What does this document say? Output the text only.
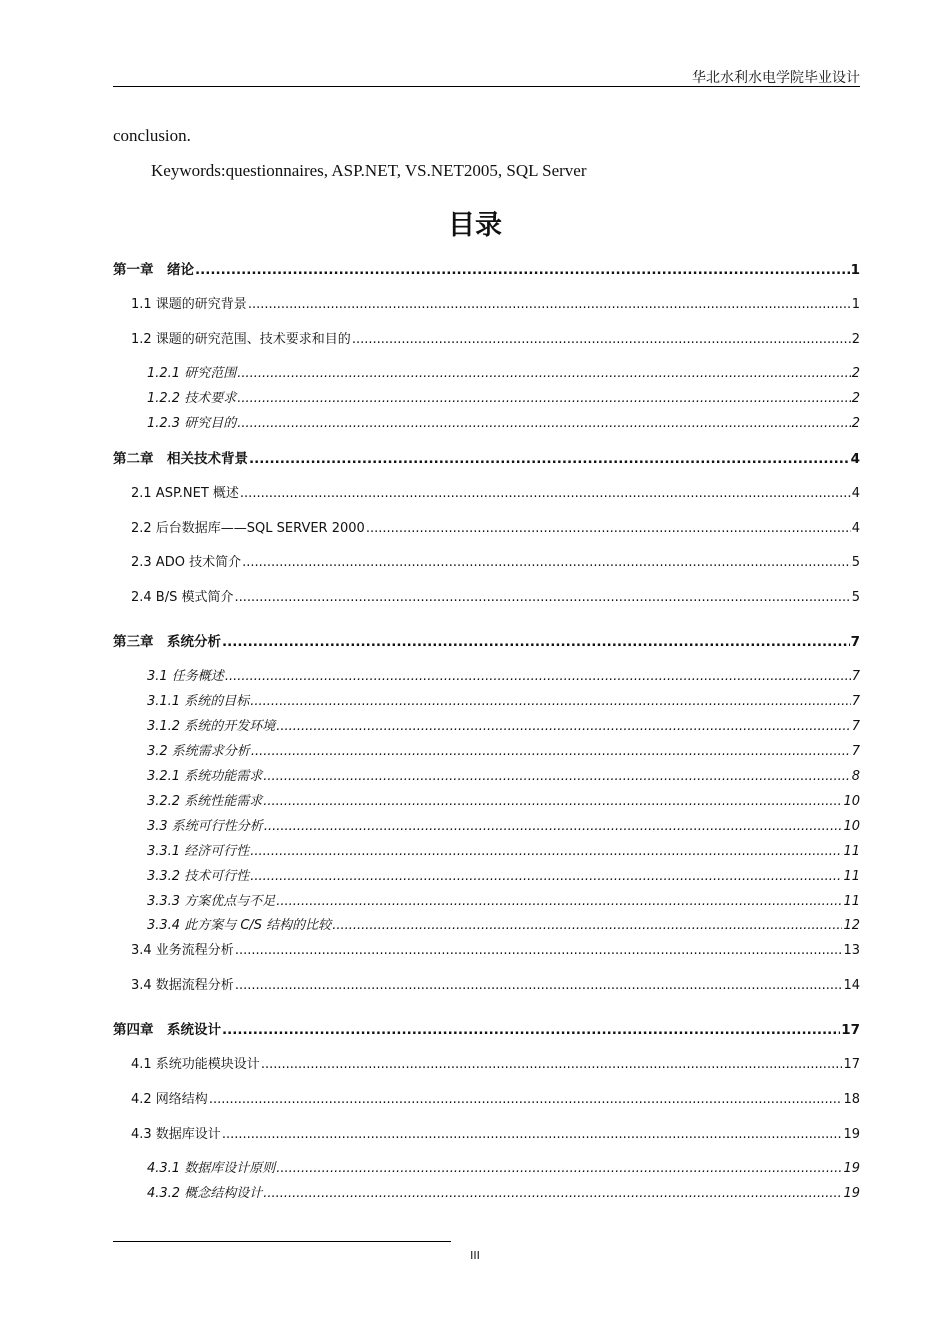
华北水利水电学院毕业设计
conclusion.
Keywords:questionnaires, ASP.NET, VS.NET2005, SQL Server
目录
第一章　绪论 .....	1
1.1 课题的研究背景 .....	1
1.2 课题的研究范围、技术要求和目的 .....	2
1.2.1 研究范围 .....	2
1.2.2 技术要求 .....	2
1.2.3 研究目的 .....	2
第二章　相关技术背景 .....	4
2.1 ASP.NET 概述 .....	4
2.2 后台数据库——SQL SERVER 2000 .....	4
2.3 ADO 技术简介 .....	5
2.4 B/S 模式简介 .....	5
第三章　系统分析 .....	7
3.1 任务概述 .....	7
3.1.1 系统的目标 .....	7
3.1.2 系统的开发环境 .....	7
3.2 系统需求分析 .....	7
3.2.1 系统功能需求 .....	8
3.2.2 系统性能需求 .....	10
3.3 系统可行性分析 .....	10
3.3.1 经济可行性 .....	11
3.3.2 技术可行性 .....	11
3.3.3 方案优点与不足 .....	11
3.3.4 此方案与 C/S 结构的比较 .....	12
3.4 业务流程分析 .....	13
3.4 数据流程分析 .....	14
第四章　系统设计 .....	17
4.1 系统功能模块设计 .....	17
4.2 网络结构 .....	18
4.3 数据库设计 .....	19
4.3.1 数据库设计原则 .....	19
4.3.2 概念结构设计 .....	19
III
